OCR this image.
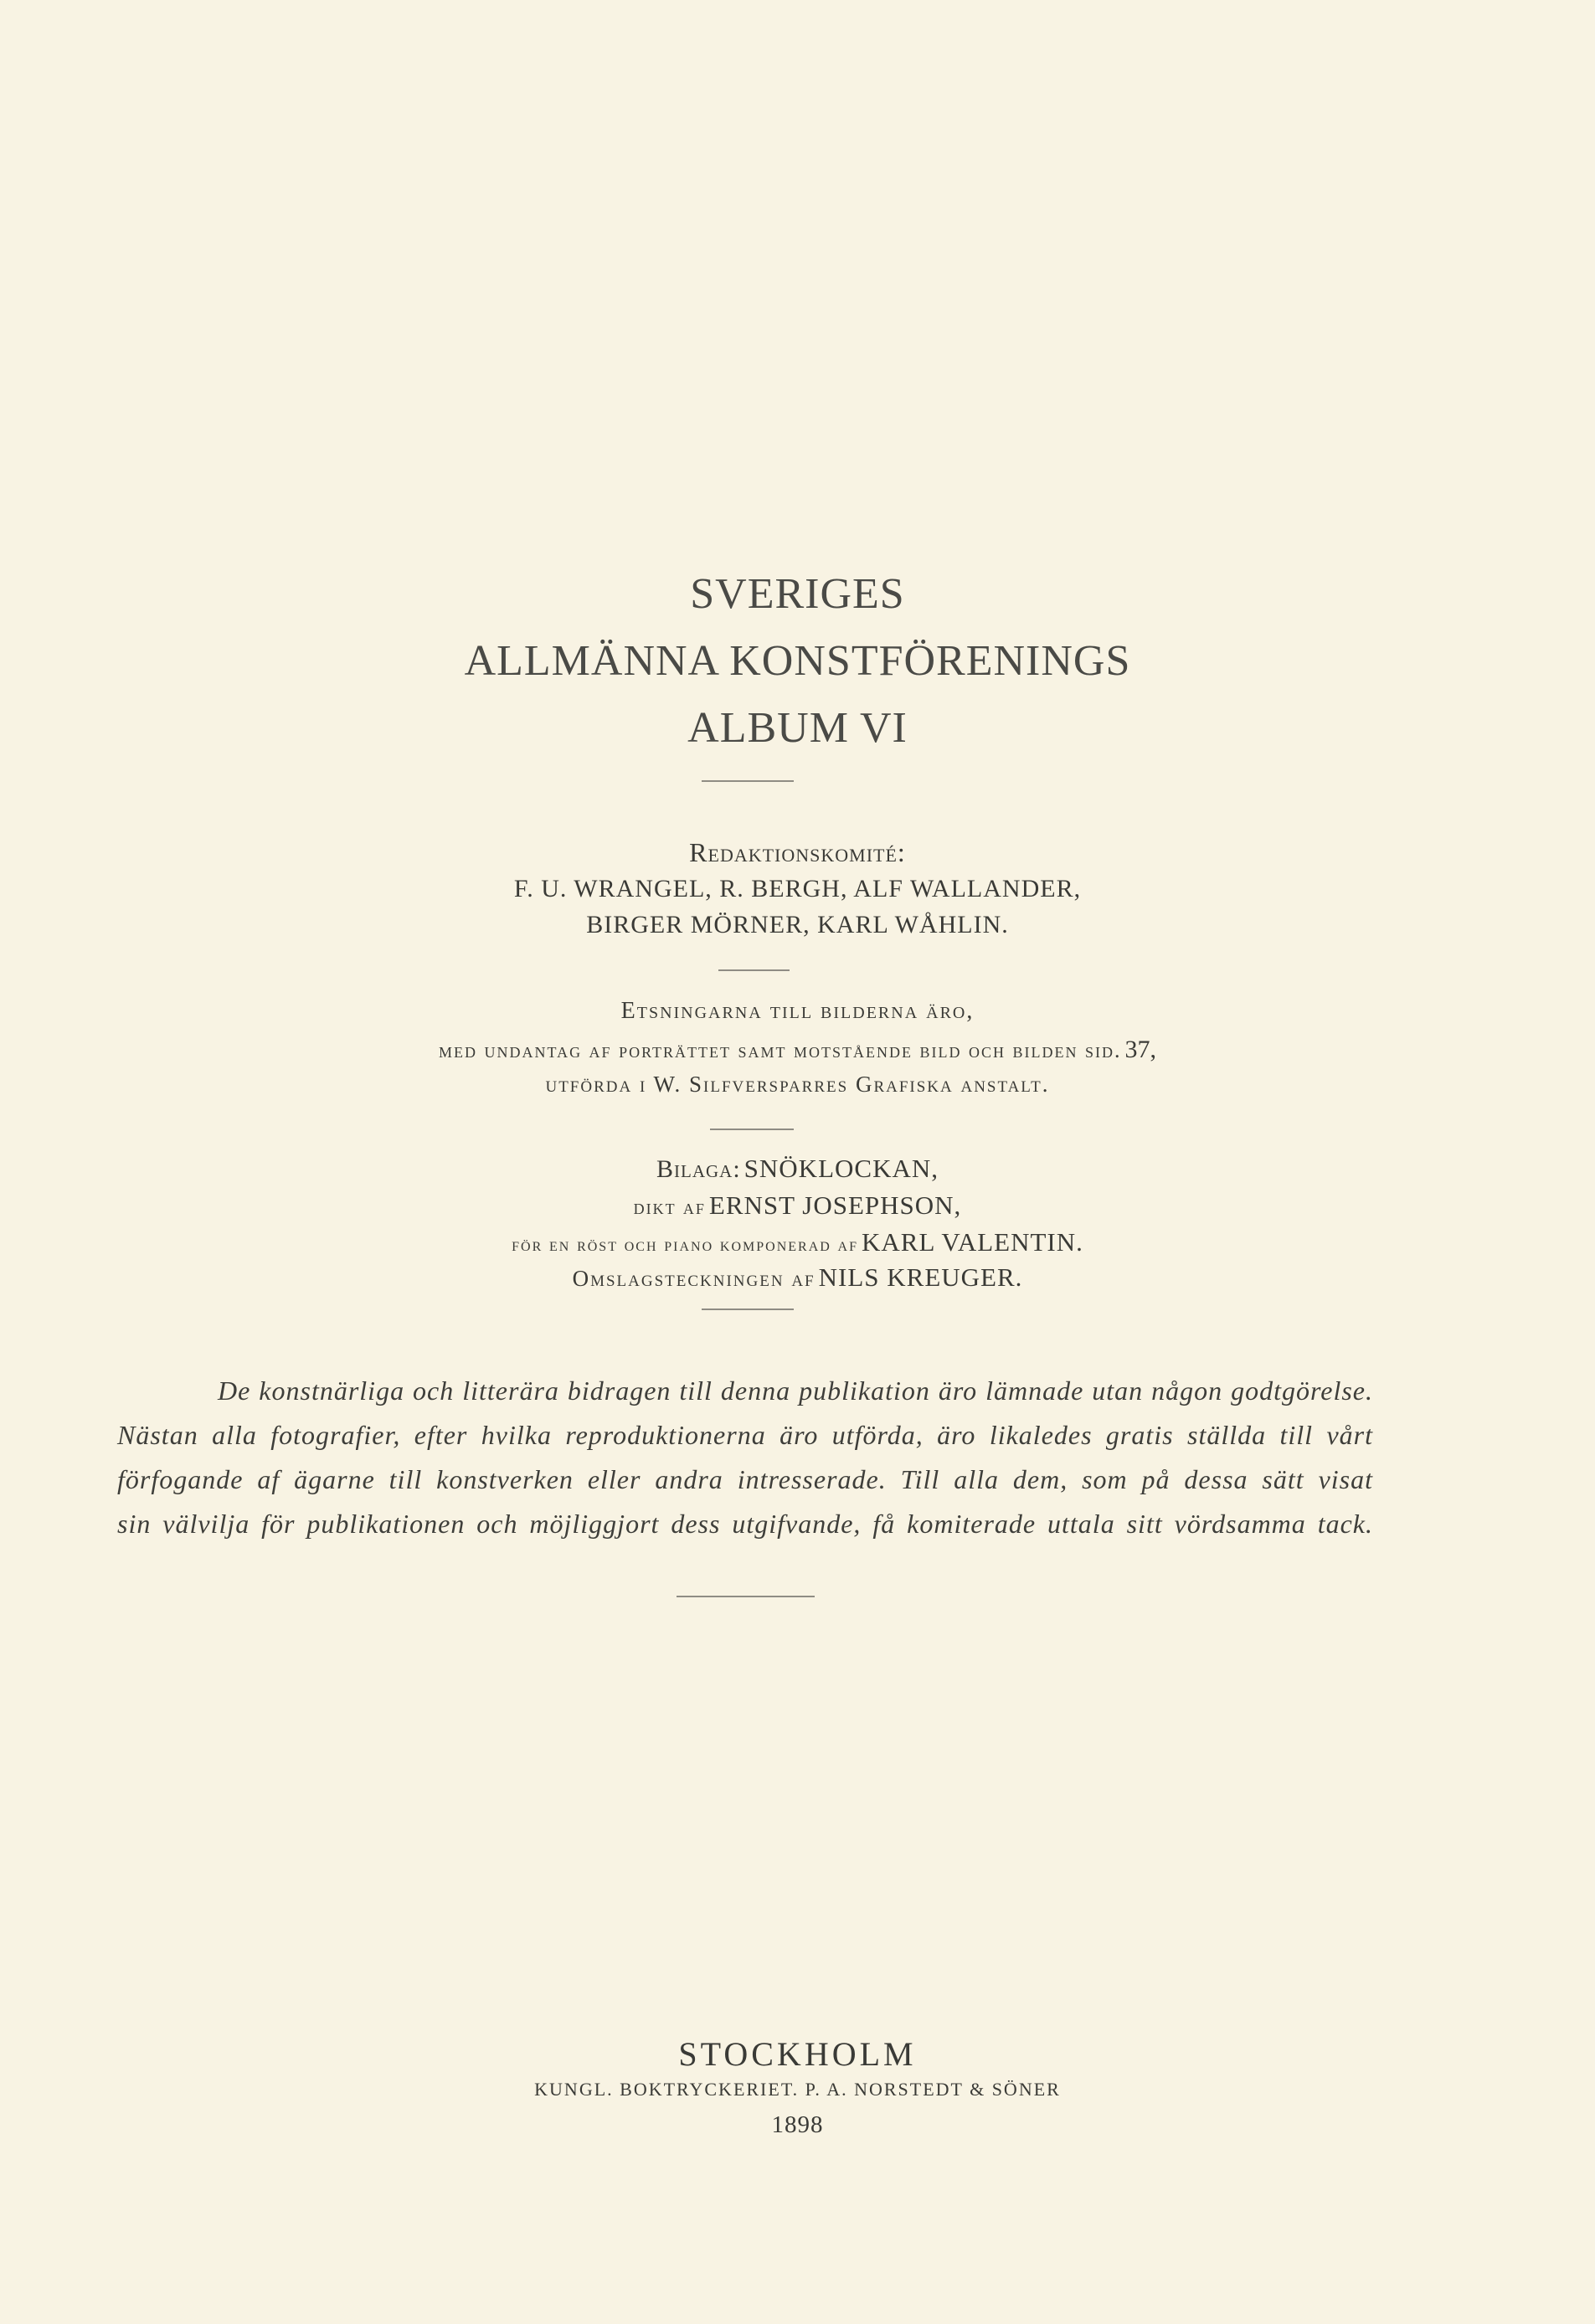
SVERIGES
ALLMÄNNA KONSTFÖRENINGS
ALBUM VI
Redaktionskomité:
F. U. WRANGEL, R. BERGH, ALF WALLANDER,
BIRGER MÖRNER, KARL WÅHLIN.
Etsningarna till bilderna äro,
med undantag af porträttet samt motstående bild och bilden sid. 37,
utförda i W. Silfversparres Grafiska anstalt.
Bilaga: SNÖKLOCKAN,
dikt af ERNST JOSEPHSON,
för en röst och piano komponerad af KARL VALENTIN.
Omslagsteckningen af NILS KREUGER.
De konstnärliga och litterära bidragen till denna publikation äro lämnade utan någon godtgörelse.
Nästan alla fotografier, efter hvilka reproduktionerna äro utförda, äro likaledes gratis ställda till vårt
förfogande af ägarne till konstverken eller andra intresserade. Till alla dem, som på dessa sätt visat
sin välvilja för publikationen och möjliggjort dess utgifvande, få komiterade uttala sitt vördsamma tack.
STOCKHOLM
KUNGL. BOKTRYCKERIET. P. A. NORSTEDT & SÖNER
1898
